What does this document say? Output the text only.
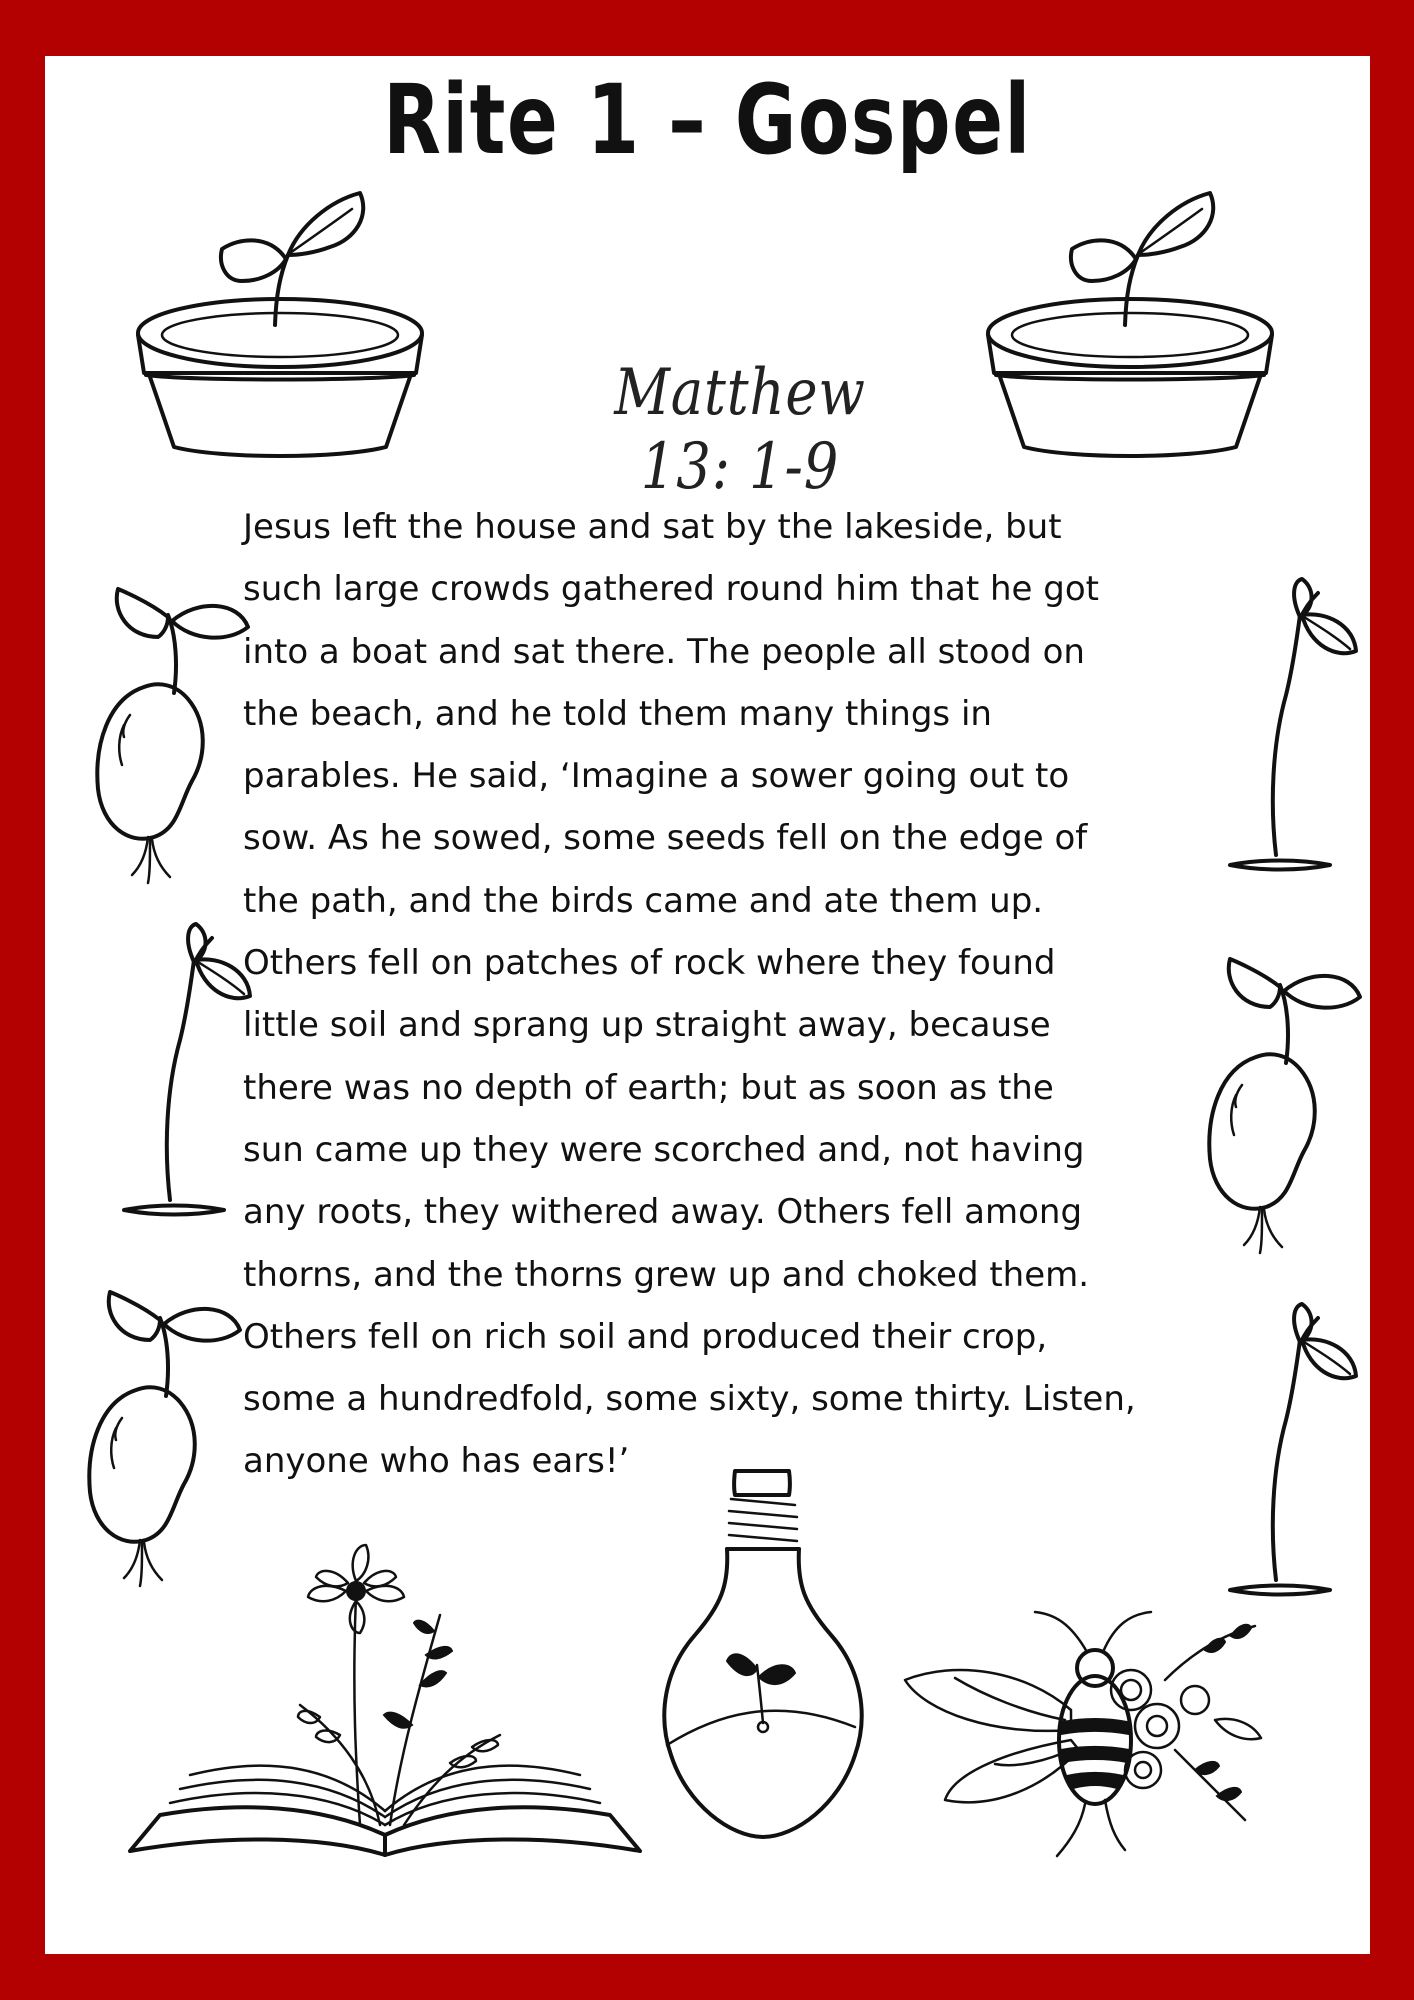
Rite 1 – Gospel
Matthew 13: 1-9
Jesus left the house and sat by the lakeside, but
such large crowds gathered round him that he got
into a boat and sat there. The people all stood on
the beach, and he told them many things in
parables. He said, ‘Imagine a sower going out to
sow. As he sowed, some seeds fell on the edge of
the path, and the birds came and ate them up.
Others fell on patches of rock where they found
little soil and sprang up straight away, because
there was no depth of earth; but as soon as the
sun came up they were scorched and, not having
any roots, they withered away. Others fell among
thorns, and the thorns grew up and choked them.
Others fell on rich soil and produced their crop,
some a hundredfold, some sixty, some thirty. Listen,
anyone who has ears!’
